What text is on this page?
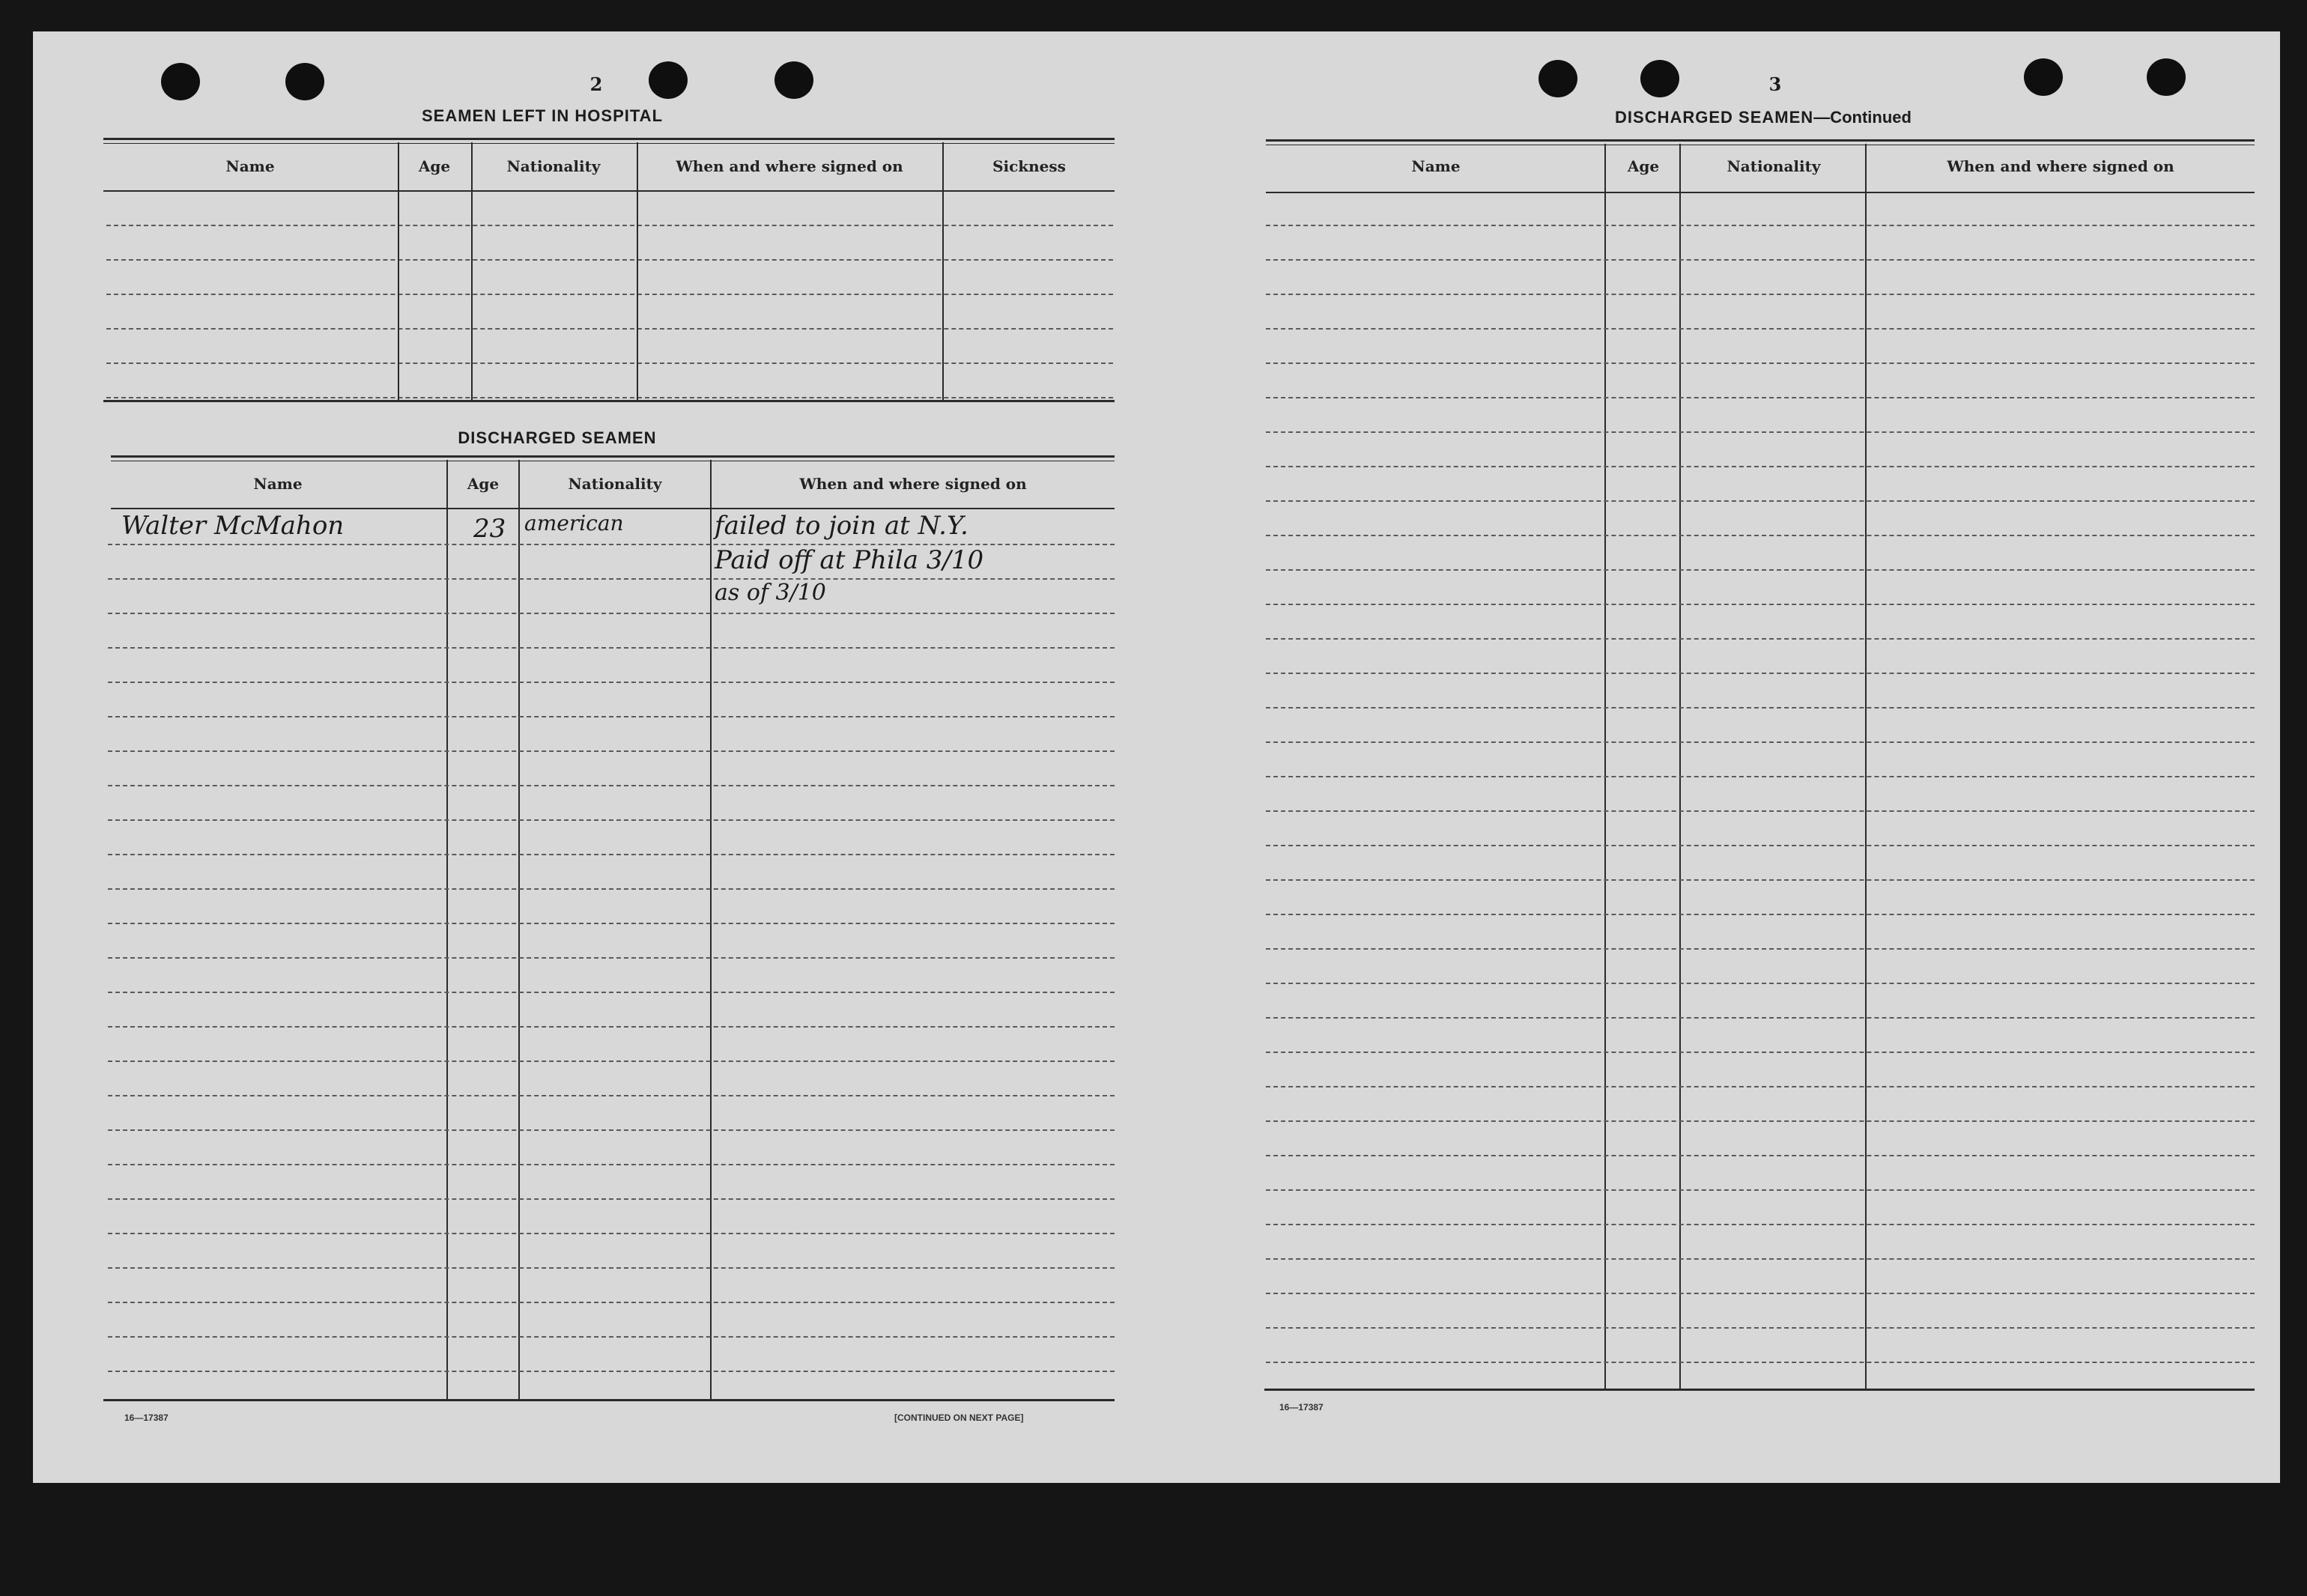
2
SEAMEN LEFT IN HOSPITAL
Name	Age	Nationality	When and where signed on	Sickness
DISCHARGED SEAMEN
Name	Age	Nationality	When and where signed on
Walter McMahon	23 american	failed to join at N.Y.
Paid off at Phila 3/10
as of 3/10
16—17387	[CONTINUED ON NEXT PAGE]
3
DISCHARGED SEAMEN—Continued
Name	Age	Nationality	When and where signed on
16—17387
